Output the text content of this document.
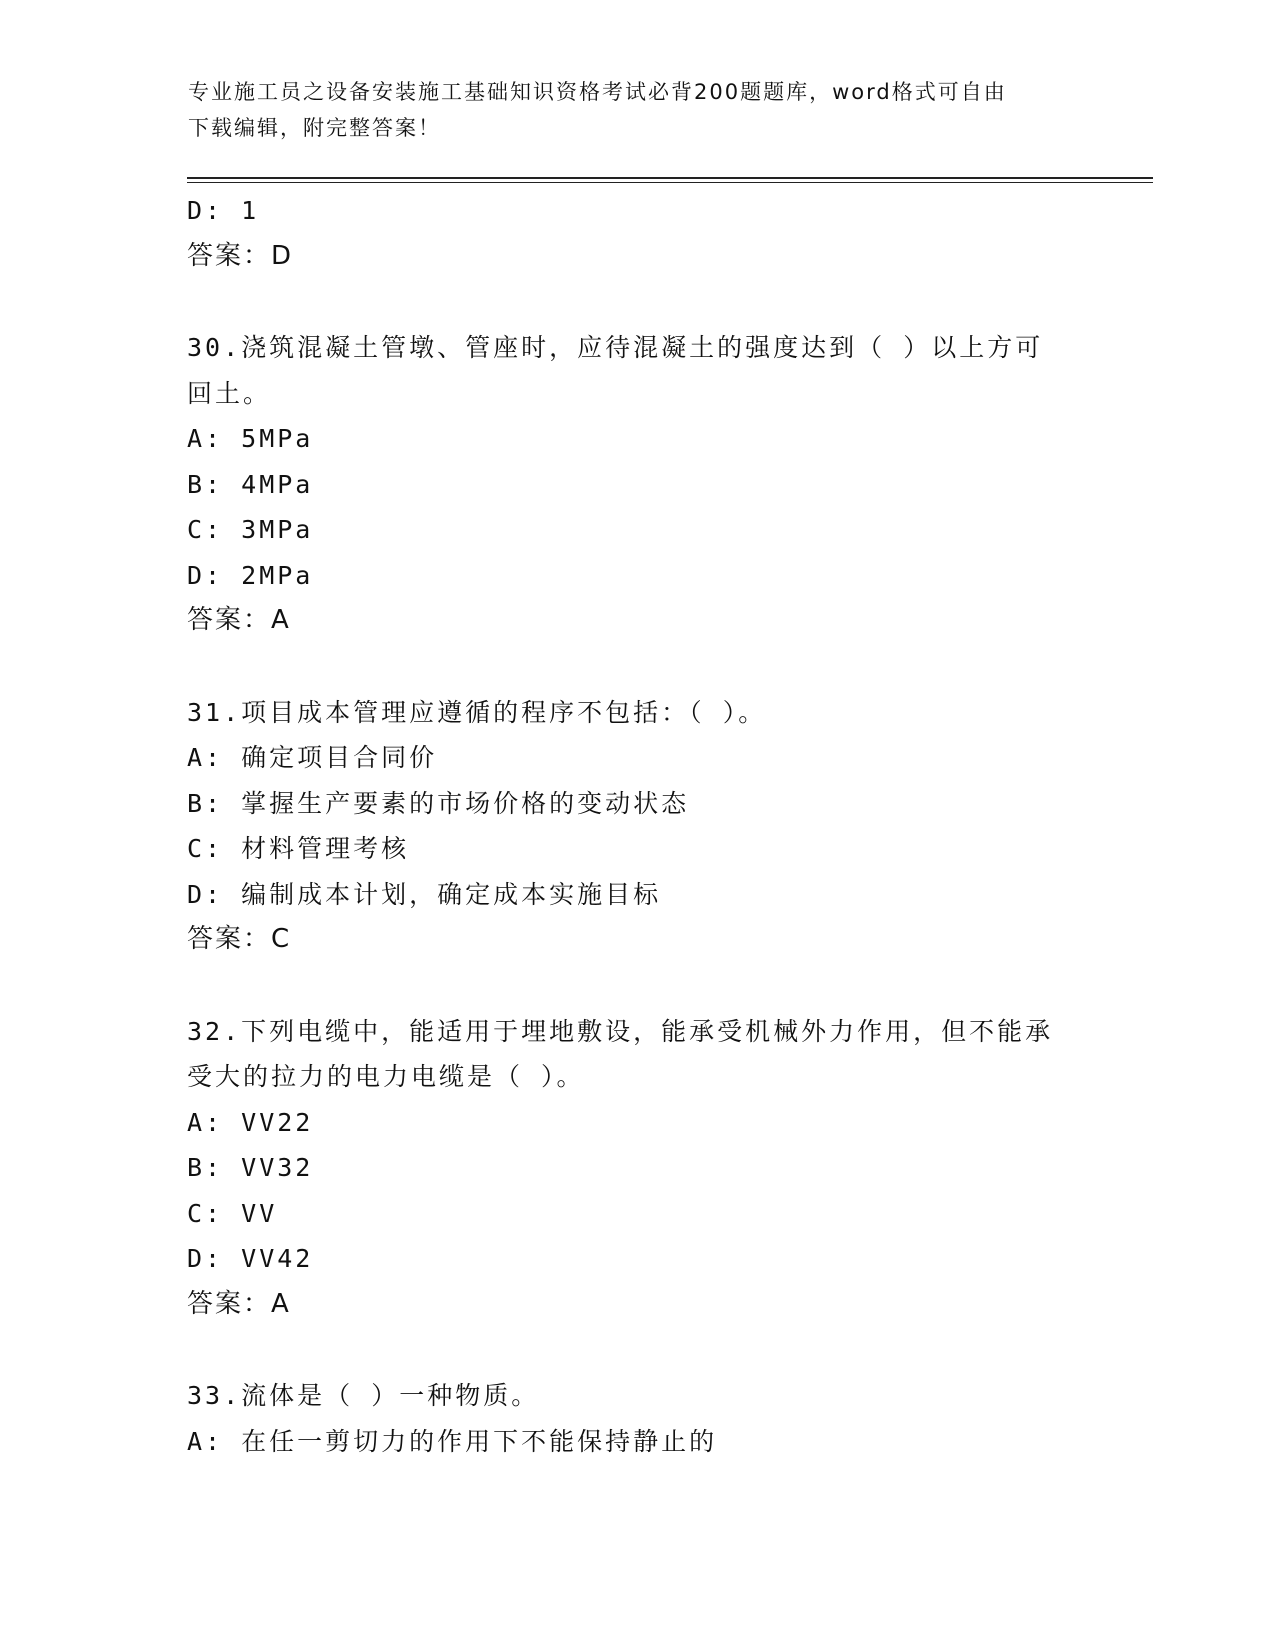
专业施工员之设备安装施工基础知识资格考试必背200题题库，word格式可自由
下载编辑，附完整答案！
D: 1
答案：D
30.浇筑混凝土管墩、管座时，应待混凝土的强度达到（ ）以上方可
回土。
A: 5MPa
B: 4MPa
C: 3MPa
D: 2MPa
答案：A
31.项目成本管理应遵循的程序不包括：（ ）。
A: 确定项目合同价
B: 掌握生产要素的市场价格的变动状态
C: 材料管理考核
D: 编制成本计划，确定成本实施目标
答案：C
32.下列电缆中，能适用于埋地敷设，能承受机械外力作用，但不能承
受大的拉力的电力电缆是（ ）。
A: VV22
B: VV32
C: VV
D: VV42
答案：A
33.流体是（ ）一种物质。
A: 在任一剪切力的作用下不能保持静止的
